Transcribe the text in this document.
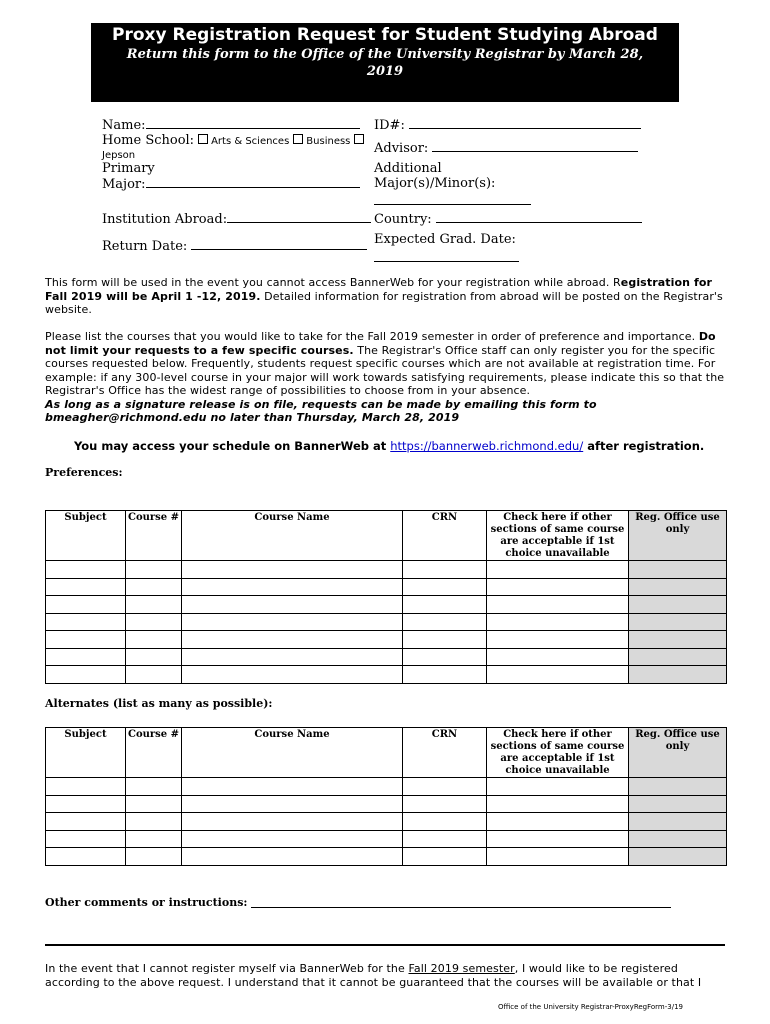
Proxy Registration Request for Student Studying Abroad
Return this form to the Office of the University Registrar by March 28, 2019
Name:	ID#:
Home School: Arts & Sciences Business
Jepson	Advisor:
Primary
Major:
Additional
Major(s)/Minor(s):
Institution Abroad:	Country:
Return Date:	Expected Grad. Date:
This form will be used in the event you cannot access BannerWeb for your registration while abroad. Registration for Fall 2019 will be April 1 -12, 2019. Detailed information for registration from abroad will be posted on the Registrar's website.
Please list the courses that you would like to take for the Fall 2019 semester in order of preference and importance. Do not limit your requests to a few specific courses. The Registrar's Office staff can only register you for the specific courses requested below. Frequently, students request specific courses which are not available at registration time. For example: if any 300-level course in your major will work towards satisfying requirements, please indicate this so that the Registrar's Office has the widest range of possibilities to choose from in your absence.
As long as a signature release is on file, requests can be made by emailing this form to bmeagher@richmond.edu no later than Thursday, March 28, 2019
You may access your schedule on BannerWeb at https://bannerweb.richmond.edu/ after registration.
Preferences:
Subject	Course #	Course Name	CRN	Check here if other sections of same course are acceptable if 1st choice unavailable	Reg. Office use only

Alternates (list as many as possible):
Subject	Course #	Course Name	CRN	Check here if other sections of same course are acceptable if 1st choice unavailable	Reg. Office use only

Other comments or instructions:
In the event that I cannot register myself via BannerWeb for the Fall 2019 semester, I would like to be registered according to the above request. I understand that it cannot be guaranteed that the courses will be available or that I
Office of the University Registrar-ProxyRegForm-3/19
